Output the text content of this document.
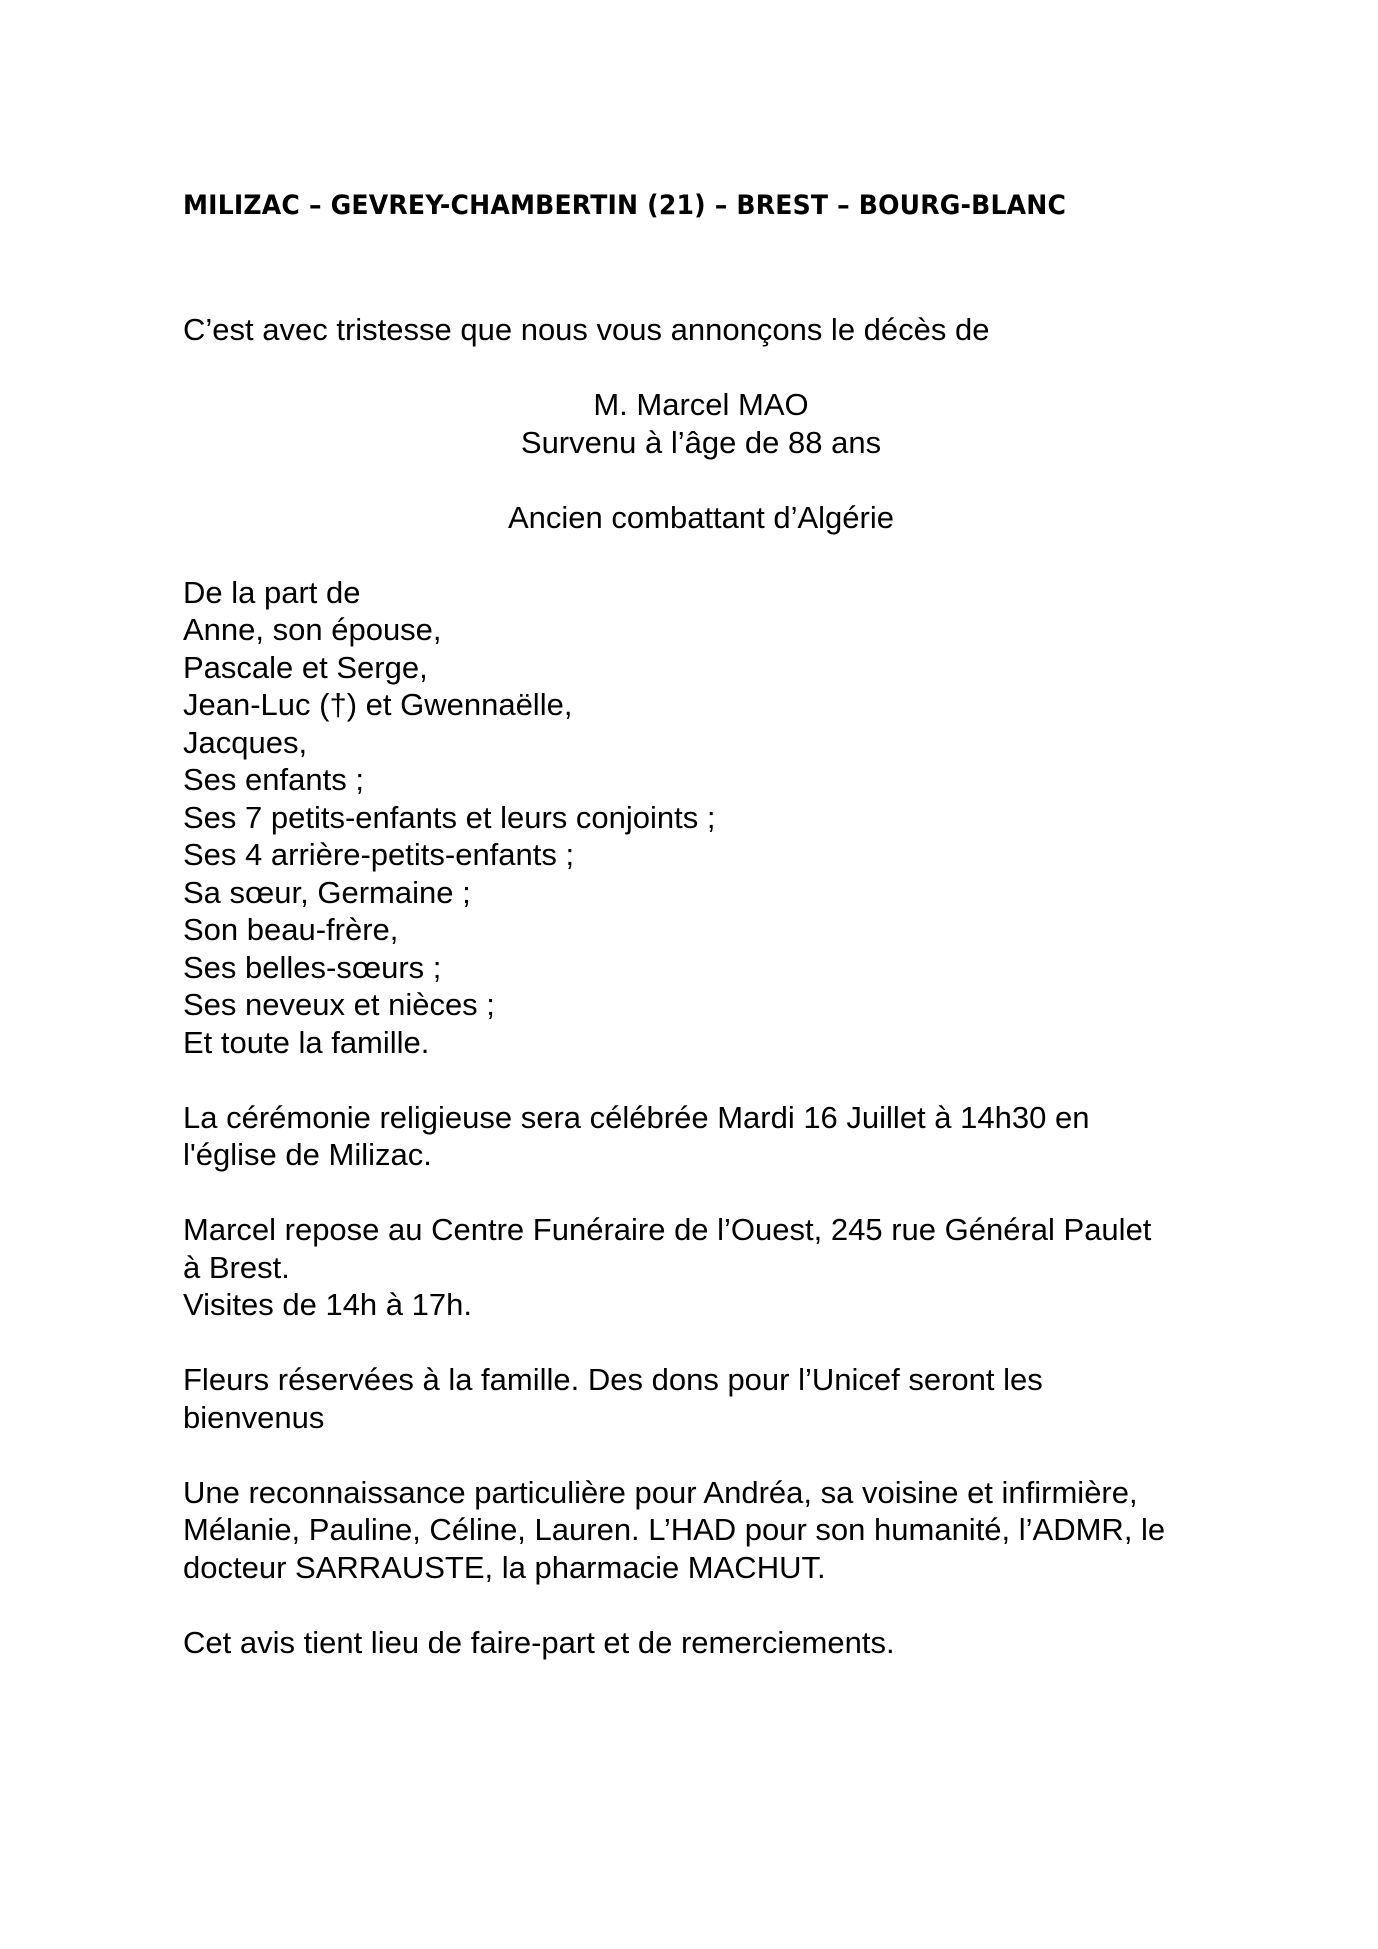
MILIZAC – GEVREY-CHAMBERTIN (21) – BREST – BOURG-BLANC
C’est avec tristesse que nous vous annonçons le décès de
M. Marcel MAO
Survenu à l’âge de 88 ans
Ancien combattant d’Algérie
De la part de
Anne, son épouse,
Pascale et Serge,
Jean-Luc (†) et Gwennaëlle,
Jacques,
Ses enfants ;
Ses 7 petits-enfants et leurs conjoints ;
Ses 4 arrière-petits-enfants ;
Sa sœur, Germaine ;
Son beau-frère,
Ses belles-sœurs ;
Ses neveux et nièces ;
Et toute la famille.
La cérémonie religieuse sera célébrée Mardi 16 Juillet à 14h30 en
l'église de Milizac.
Marcel repose au Centre Funéraire de l’Ouest, 245 rue Général Paulet
à Brest.
Visites de 14h à 17h.
Fleurs réservées à la famille. Des dons pour l’Unicef seront les
bienvenus
Une reconnaissance particulière pour Andréa, sa voisine et infirmière,
Mélanie, Pauline, Céline, Lauren. L’HAD pour son humanité, l’ADMR, le
docteur SARRAUSTE, la pharmacie MACHUT.
Cet avis tient lieu de faire-part et de remerciements.
